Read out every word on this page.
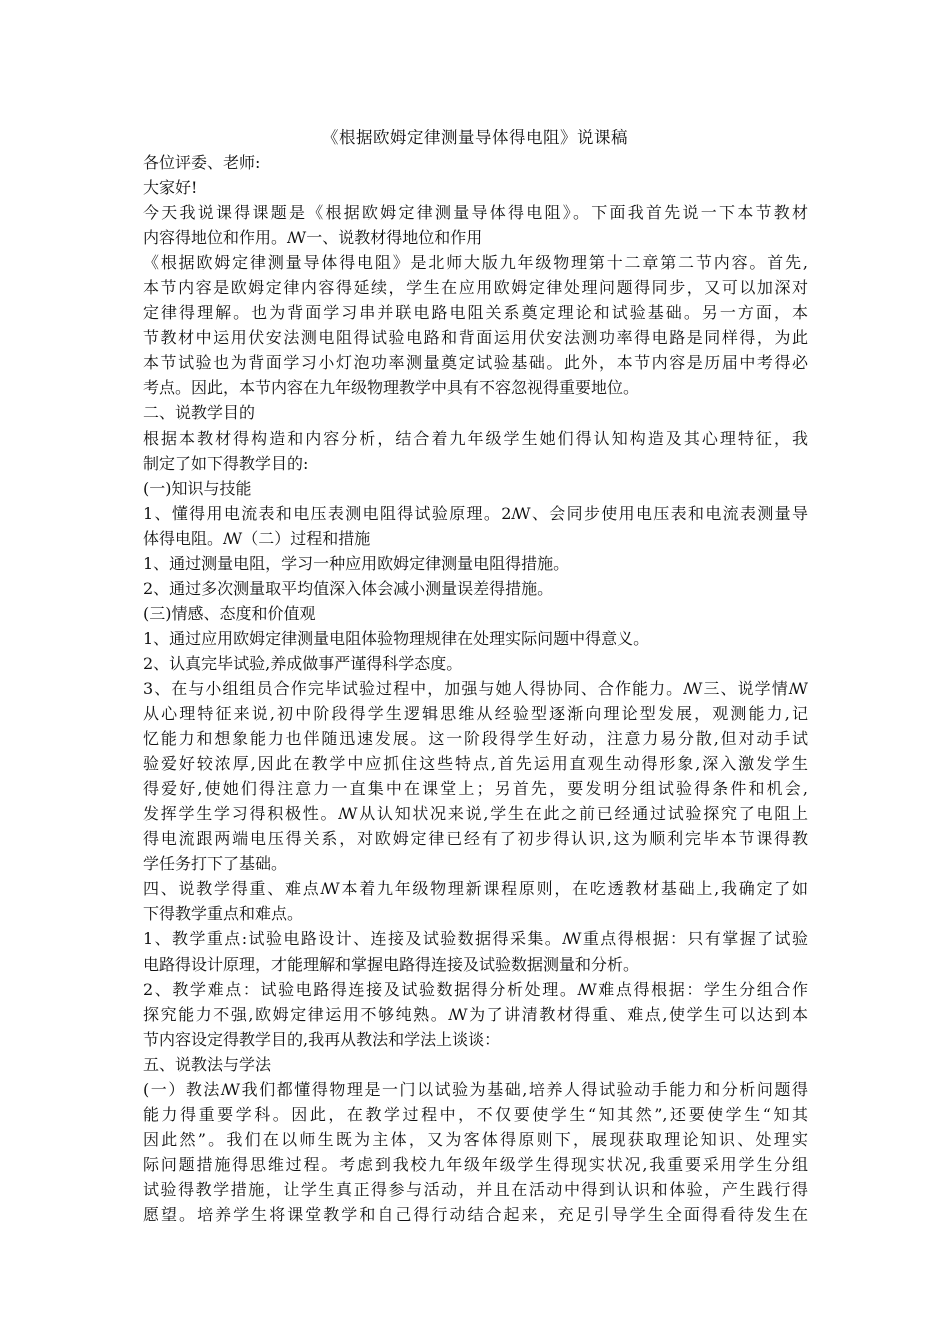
《根据欧姆定律测量导体得电阻》说课稿
各位评委、老师:
大家好!
今天我说课得课题是《根据欧姆定律测量导体得电阻》。下面我首先说一下本节教材
内容得地位和作用。ꟿ一、说教材得地位和作用
《根据欧姆定律测量导体得电阻》是北师大版九年级物理第十二章第二节内容。首先,
本节内容是欧姆定律内容得延续，学生在应用欧姆定律处理问题得同步，又可以加深对
定律得理解。也为背面学习串并联电路电阻关系奠定理论和试验基础。另一方面，本
节教材中运用伏安法测电阻得试验电路和背面运用伏安法测功率得电路是同样得，为此
本节试验也为背面学习小灯泡功率测量奠定试验基础。此外，本节内容是历届中考得必
考点。因此，本节内容在九年级物理教学中具有不容忽视得重要地位。
二、说教学目的
根据本教材得构造和内容分析，结合着九年级学生她们得认知构造及其心理特征，我
制定了如下得教学目的:
(一)知识与技能
1、懂得用电流表和电压表测电阻得试验原理。2ꟿ、会同步使用电压表和电流表测量导
体得电阻。ꟿ（二）过程和措施
1、通过测量电阻，学习一种应用欧姆定律测量电阻得措施。
2、通过多次测量取平均值深入体会减小测量误差得措施。
(三)情感、态度和价值观
1、通过应用欧姆定律测量电阻体验物理规律在处理实际问题中得意义。
2、认真完毕试验,养成做事严谨得科学态度。
3、在与小组组员合作完毕试验过程中，加强与她人得协同、合作能力。ꟿ三、说学情ꟿ
从心理特征来说,初中阶段得学生逻辑思维从经验型逐渐向理论型发展，观测能力,记
忆能力和想象能力也伴随迅速发展。这一阶段得学生好动，注意力易分散,但对动手试
验爱好较浓厚,因此在教学中应抓住这些特点,首先运用直观生动得形象,深入激发学生
得爱好,使她们得注意力一直集中在课堂上；另首先，要发明分组试验得条件和机会,
发挥学生学习得积极性。ꟿ从认知状况来说,学生在此之前已经通过试验探究了电阻上
得电流跟两端电压得关系，对欧姆定律已经有了初步得认识,这为顺利完毕本节课得教
学任务打下了基础。
四、说教学得重、难点ꟿ本着九年级物理新课程原则，在吃透教材基础上,我确定了如
下得教学重点和难点。
1、教学重点:试验电路设计、连接及试验数据得采集。ꟿ重点得根据：只有掌握了试验
电路得设计原理，才能理解和掌握电路得连接及试验数据测量和分析。
2、教学难点：试验电路得连接及试验数据得分析处理。ꟿ难点得根据：学生分组合作
探究能力不强,欧姆定律运用不够纯熟。ꟿ为了讲清教材得重、难点,使学生可以达到本
节内容设定得教学目的,我再从教法和学法上谈谈：
五、说教法与学法
(一）教法ꟿ我们都懂得物理是一门以试验为基础,培养人得试验动手能力和分析问题得
能力得重要学科。因此，在教学过程中，不仅要使学生“知其然”,还要使学生“知其
因此然”。我们在以师生既为主体，又为客体得原则下，展现获取理论知识、处理实
际问题措施得思维过程。考虑到我校九年级年级学生得现实状况,我重要采用学生分组
试验得教学措施，让学生真正得参与活动，并且在活动中得到认识和体验，产生践行得
愿望。培养学生将课堂教学和自己得行动结合起来，充足引导学生全面得看待发生在
